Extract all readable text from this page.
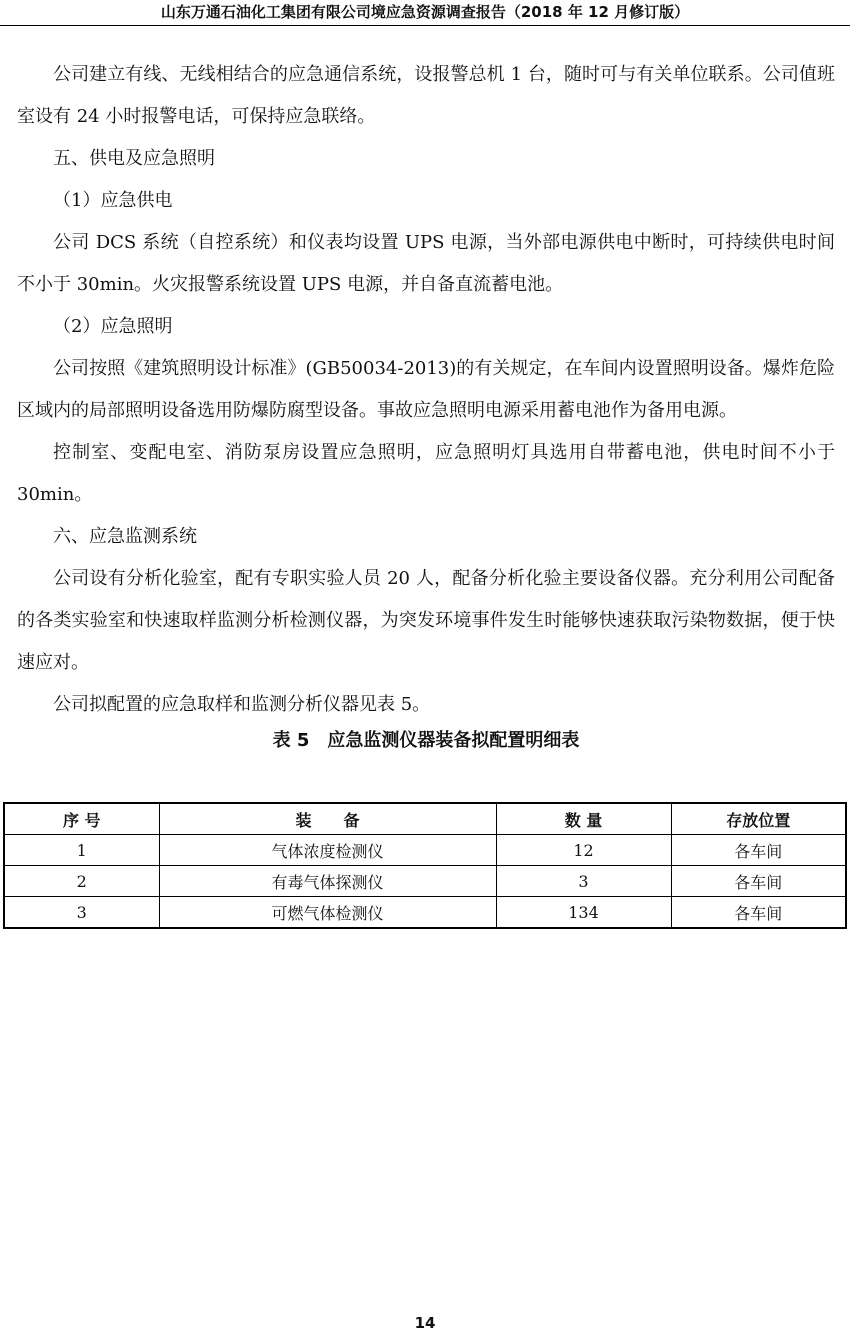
山东万通石油化工集团有限公司境应急资源调查报告（2018 年 12 月修订版）

公司建立有线、无线相结合的应急通信系统，设报警总机 1 台，随时可与有关单位联系。公司值班室设有 24 小时报警电话，可保持应急联络。

五、供电及应急照明

（1）应急供电

公司 DCS 系统（自控系统）和仪表均设置 UPS 电源，当外部电源供电中断时，可持续供电时间不小于 30min。火灾报警系统设置 UPS 电源，并自备直流蓄电池。

（2）应急照明

公司按照《建筑照明设计标准》(GB50034-2013)的有关规定，在车间内设置照明设备。爆炸危险区域内的局部照明设备选用防爆防腐型设备。事故应急照明电源采用蓄电池作为备用电源。

控制室、变配电室、消防泵房设置应急照明，应急照明灯具选用自带蓄电池，供电时间不小于 30min。

六、应急监测系统

公司设有分析化验室，配有专职实验人员 20 人，配备分析化验主要设备仪器。充分利用公司配备的各类实验室和快速取样监测分析检测仪器，为突发环境事件发生时能够快速获取污染物数据，便于快速应对。

公司拟配置的应急取样和监测分析仪器见表 5。

表 5　应急监测仪器装备拟配置明细表

序 号	装　　备	数 量	存放位置
1	气体浓度检测仪	12	各车间
2	有毒气体探测仪	3	各车间
3	可燃气体检测仪	134	各车间
14
